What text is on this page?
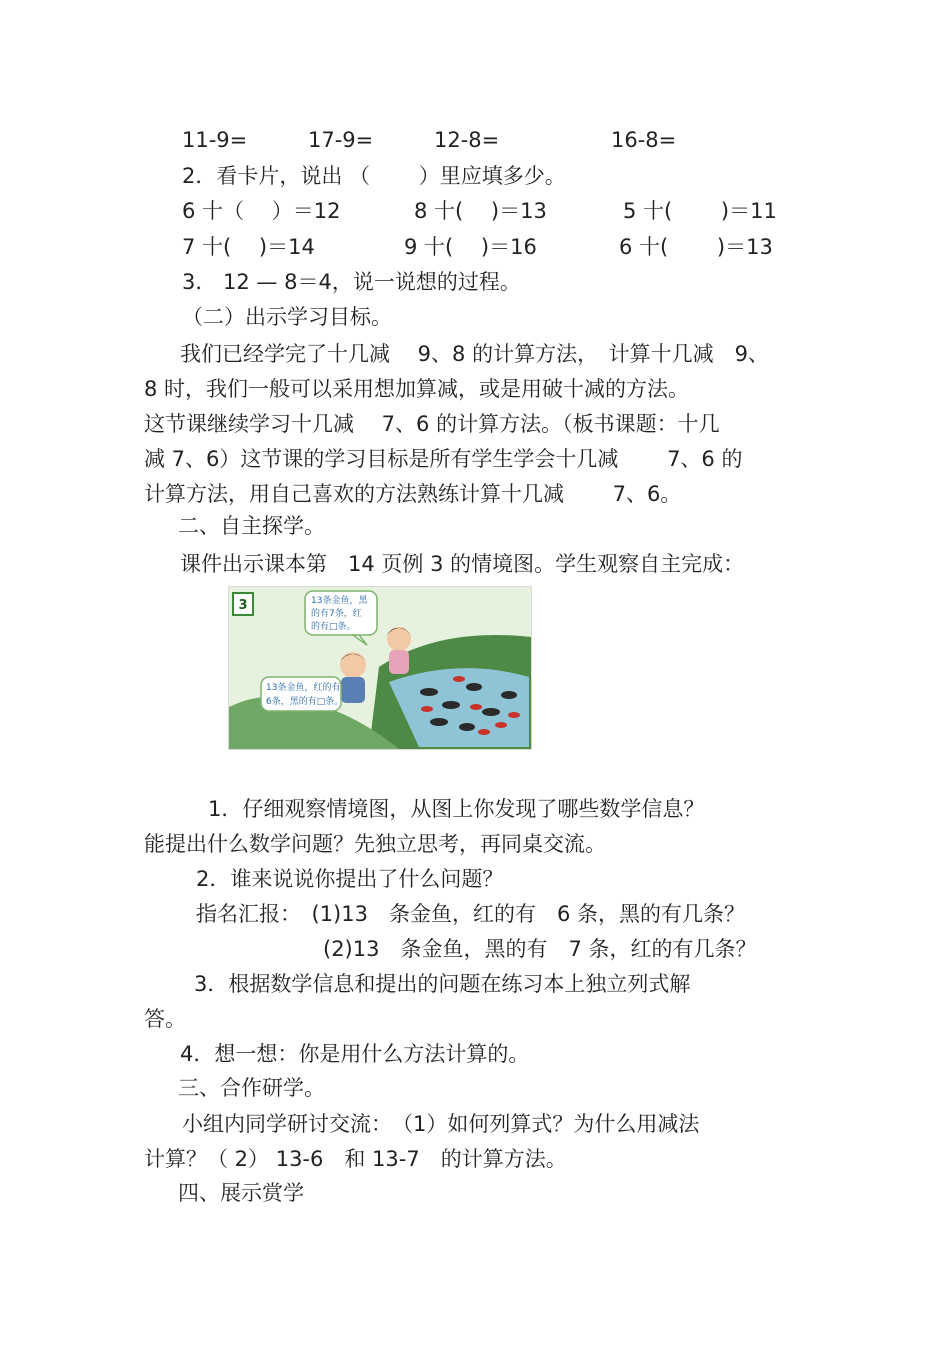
11-9=	17-9=	12-8=	16-8=
2．看卡片，说出 （　　 ）里应填多少。
6 十（　 ）＝12	8 十(　 )＝13	5 十(　　 )＝11
7 十(　 )＝14	9 十(　 )＝16	6 十(　　 )＝13
3． 12 — 8＝4，说一说想的过程。
（二）出示学习目标。
我们已经学完了十几减　 9、8 的计算方法，　计算十几减　9、
8 时，我们一般可以采用想加算减，或是用破十减的方法。
这节课继续学习十几减　 7、6 的计算方法。（板书课题：十几
减 7、6）这节课的学习目标是所有学生学会十几减　　 7、6 的
计算方法，用自己喜欢的方法熟练计算十几减　　 7、6。
二、自主探学。
课件出示课本第　14 页例 3 的情境图。学生观察自主完成：
3	13条金鱼，黑
的有7条，红
的有□条。
13条金鱼，红的有
6条，黑的有□条。
1．仔细观察情境图，从图上你发现了哪些数学信息？
能提出什么数学问题？先独立思考，再同桌交流。
2．谁来说说你提出了什么问题？
指名汇报：　(1)13　条金鱼，红的有　6 条，黑的有几条？
(2)13　条金鱼，黑的有　7 条，红的有几条？
3．根据数学信息和提出的问题在练习本上独立列式解
答。
4．想一想：你是用什么方法计算的。
三、合作研学。
小组内同学研讨交流：　（1）如何列算式？为什么用减法
计算？（ 2） 13-6　和 13-7　的计算方法。
四、展示赏学
